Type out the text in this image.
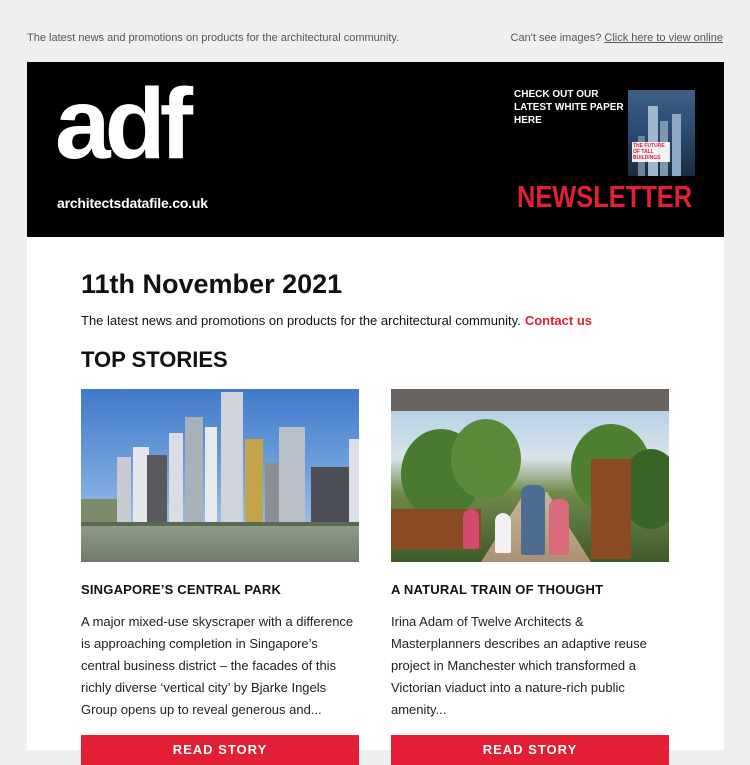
The latest news and promotions on products for the architectural community.	Can't see images? Click here to view online
adf
architectsdatafile.co.uk
CHECK OUT OUR LATEST WHITE PAPER HERE
THE FUTURE OF TALL BUILDINGS
NEWSLETTER
11th November 2021
The latest news and promotions on products for the architectural community. Contact us
TOP STORIES
SINGAPORE’S CENTRAL PARK
A major mixed-use skyscraper with a difference is approaching completion in Singapore’s central business district – the facades of this richly diverse ‘vertical city’ by Bjarke Ingels Group opens up to reveal generous and...
READ STORY
A NATURAL TRAIN OF THOUGHT
Irina Adam of Twelve Architects & Masterplanners describes an adaptive reuse project in Manchester which transformed a Victorian viaduct into a nature-rich public amenity...
READ STORY
